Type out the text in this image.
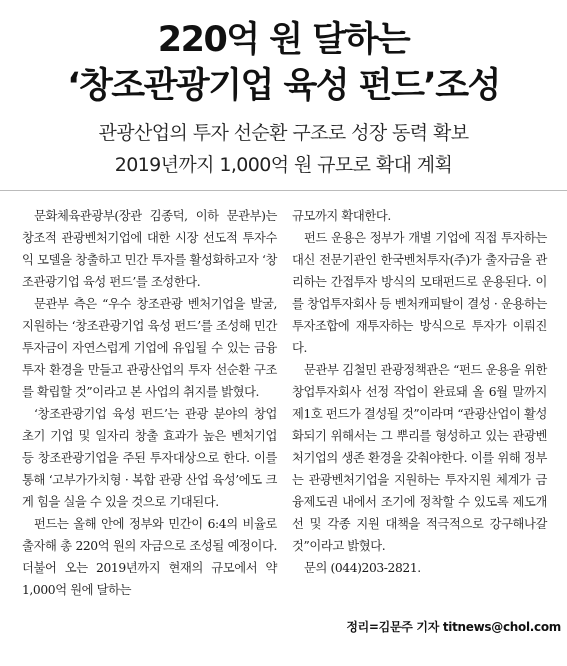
220억 원 달하는
‘창조관광기업 육성 펀드’조성
관광산업의 투자 선순환 구조로 성장 동력 확보
2019년까지 1,000억 원 규모로 확대 계획

문화체육관광부(장관 김종덕, 이하 문관부)는 창조적 관광벤처기업에 대한 시장 선도적 투자수익 모델을 창출하고 민간 투자를 활성화하고자 ‘창조관광기업 육성 펀드’를 조성한다.

문관부 측은 “우수 창조관광 벤처기업을 발굴, 지원하는 ‘창조관광기업 육성 펀드’를 조성해 민간 투자금이 자연스럽게 기업에 유입될 수 있는 금융투자 환경을 만들고 관광산업의 투자 선순환 구조를 확립할 것”이라고 본 사업의 취지를 밝혔다.

‘창조관광기업 육성 펀드’는 관광 분야의 창업 초기 기업 및 일자리 창출 효과가 높은 벤처기업 등 창조관광기업을 주된 투자대상으로 한다. 이를 통해 ‘고부가가치형 · 복합 관광 산업 육성’에도 크게 힘을 실을 수 있을 것으로 기대된다.

펀드는 올해 안에 정부와 민간이 6:4의 비율로 출자해 총 220억 원의 자금으로 조성될 예정이다. 더불어 오는 2019년까지 현재의 규모에서 약 1,000억 원에 달하는

규모까지 확대한다.

펀드 운용은 정부가 개별 기업에 직접 투자하는 대신 전문기관인 한국벤처투자(주)가 출자금을 관리하는 간접투자 방식의 모태펀드로 운용된다. 이를 창업투자회사 등 벤처캐피탈이 결성 · 운용하는 투자조합에 재투자하는 방식으로 투자가 이뤄진다.

문관부 김철민 관광정책관은 “펀드 운용을 위한 창업투자회사 선정 작업이 완료돼 올 6월 말까지 제1호 펀드가 결성될 것”이라며 “관광산업이 활성화되기 위해서는 그 뿌리를 형성하고 있는 관광벤처기업의 생존 환경을 갖춰야한다. 이를 위해 정부는 관광벤처기업을 지원하는 투자지원 체계가 금융제도권 내에서 조기에 정착할 수 있도록 제도개선 및 각종 지원 대책을 적극적으로 강구해나갈 것”이라고 밝혔다.

문의 (044)203-2821.

정리=김문주 기자 titnews@chol.com
